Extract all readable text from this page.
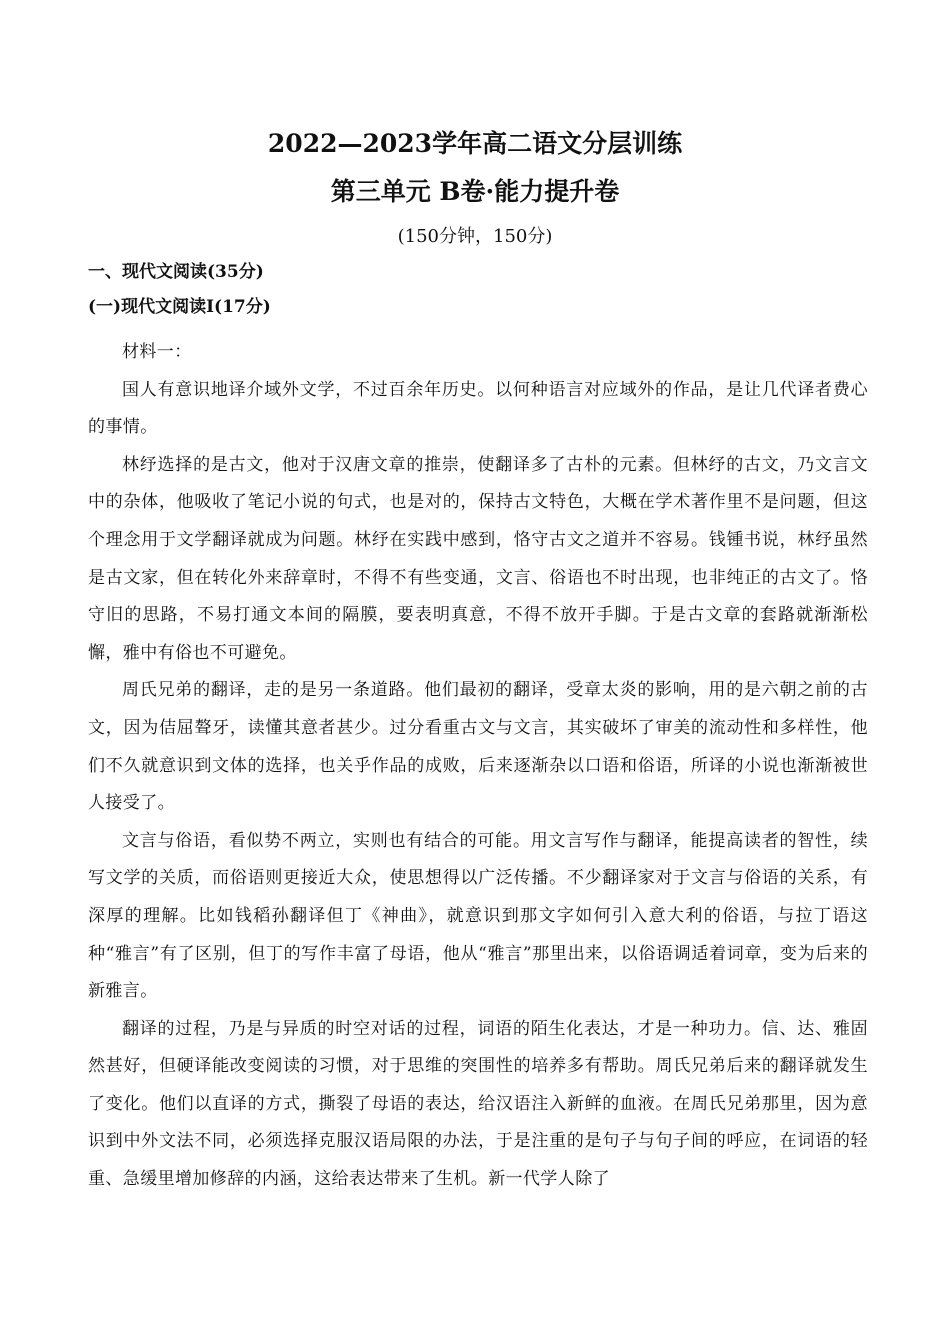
2022—2023学年高二语文分层训练
第三单元 B卷·能力提升卷
(150分钟，150分)
一、现代文阅读(35分)
(一)现代文阅读Ⅰ(17分)

材料一：

国人有意识地译介域外文学，不过百余年历史。以何种语言对应域外的作品，是让几代译者费心的事情。

林纾选择的是古文，他对于汉唐文章的推崇，使翻译多了古朴的元素。但林纾的古文，乃文言文中的杂体，他吸收了笔记小说的句式，也是对的，保持古文特色，大概在学术著作里不是问题，但这个理念用于文学翻译就成为问题。林纾在实践中感到，恪守古文之道并不容易。钱锺书说，林纾虽然是古文家，但在转化外来辞章时，不得不有些变通，文言、俗语也不时出现，也非纯正的古文了。恪守旧的思路，不易打通文本间的隔膜，要表明真意，不得不放开手脚。于是古文章的套路就渐渐松懈，雅中有俗也不可避免。

周氏兄弟的翻译，走的是另一条道路。他们最初的翻译，受章太炎的影响，用的是六朝之前的古文，因为佶屈聱牙，读懂其意者甚少。过分看重古文与文言，其实破坏了审美的流动性和多样性，他们不久就意识到文体的选择，也关乎作品的成败，后来逐渐杂以口语和俗语，所译的小说也渐渐被世人接受了。

文言与俗语，看似势不两立，实则也有结合的可能。用文言写作与翻译，能提高读者的智性，续写文学的关质，而俗语则更接近大众，使思想得以广泛传播。不少翻译家对于文言与俗语的关系，有深厚的理解。比如钱稻孙翻译但丁《神曲》，就意识到那文字如何引入意大利的俗语，与拉丁语这种“雅言”有了区别，但丁的写作丰富了母语，他从“雅言”那里出来，以俗语调适着词章，变为后来的新雅言。

翻译的过程，乃是与异质的时空对话的过程，词语的陌生化表达，才是一种功力。信、达、雅固然甚好，但硬译能改变阅读的习惯，对于思维的突围性的培养多有帮助。周氏兄弟后来的翻译就发生了变化。他们以直译的方式，撕裂了母语的表达，给汉语注入新鲜的血液。在周氏兄弟那里，因为意识到中外文法不同，必须选择克服汉语局限的办法，于是注重的是句子与句子间的呼应，在词语的轻重、急缓里增加修辞的内涵，这给表达带来了生机。新一代学人除了
